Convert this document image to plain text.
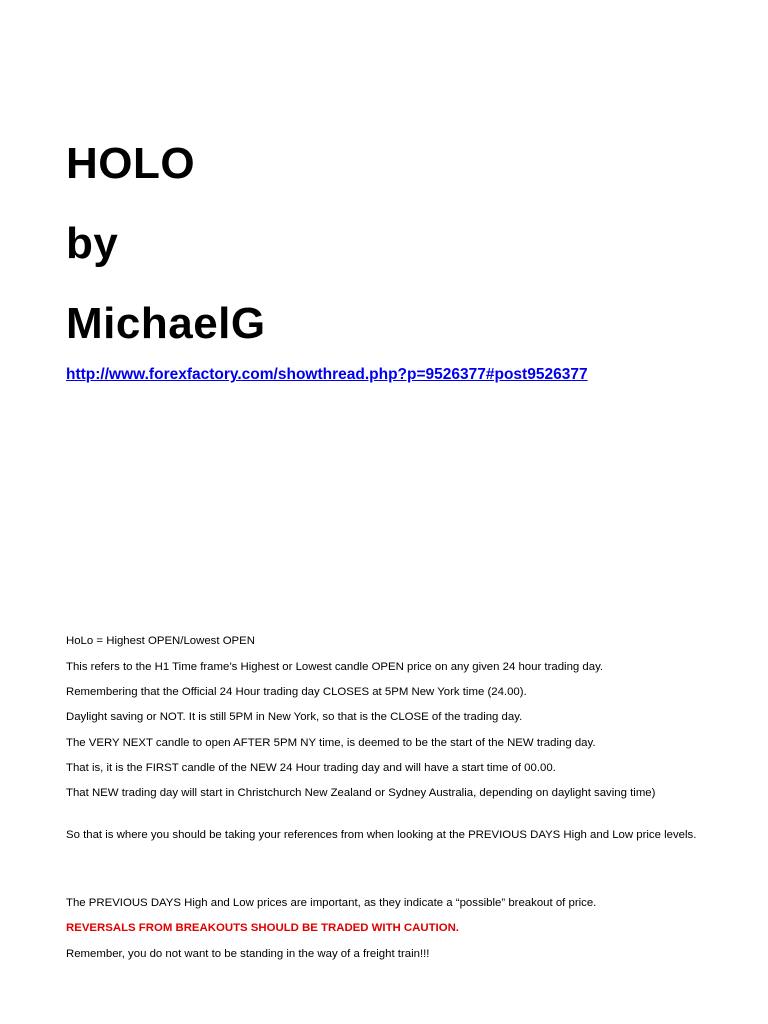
HOLO
by
MichaelG
http://www.forexfactory.com/showthread.php?p=9526377#post9526377

HoLo = Highest OPEN/Lowest OPEN

This refers to the H1 Time frame’s Highest or Lowest candle OPEN price on any given 24 hour trading day.

Remembering that the Official 24 Hour trading day CLOSES at 5PM New York time (24.00).

Daylight saving or NOT. It is still 5PM in New York, so that is the CLOSE of the trading day.

The VERY NEXT candle to open AFTER 5PM NY time, is deemed to be the start of the NEW trading day.

That is, it is the FIRST candle of the NEW 24 Hour trading day and will have a start time of 00.00.

That NEW trading day will start in Christchurch New Zealand or Sydney Australia, depending on daylight saving time)

So that is where you should be taking your references from when looking at the PREVIOUS DAYS High and Low price levels.

The PREVIOUS DAYS High and Low prices are important, as they indicate a “possible” breakout of price.

REVERSALS FROM BREAKOUTS SHOULD BE TRADED WITH CAUTION.

Remember, you do not want to be standing in the way of a freight train!!!
